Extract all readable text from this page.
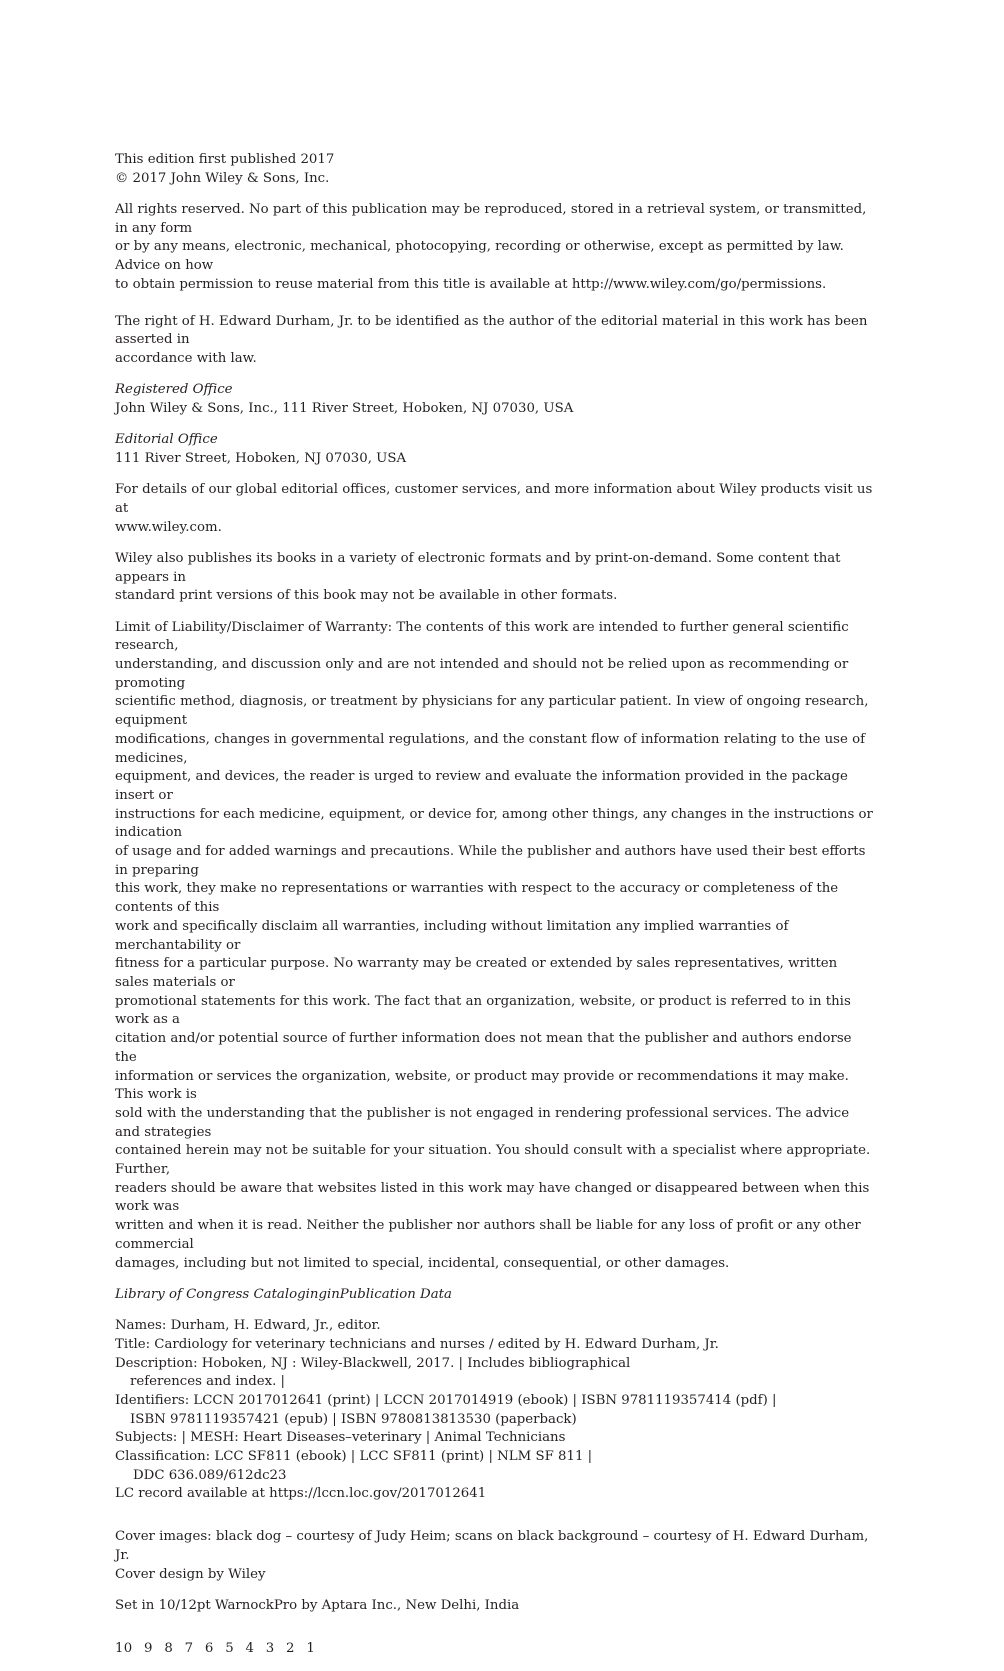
This edition first published 2017

© 2017 John Wiley & Sons, Inc.

All rights reserved. No part of this publication may be reproduced, stored in a retrieval system, or transmitted, in any form

or by any means, electronic, mechanical, photocopying, recording or otherwise, except as permitted by law. Advice on how

to obtain permission to reuse material from this title is available at http://www.wiley.com/go/permissions.

The right of H. Edward Durham, Jr. to be identified as the author of the editorial material in this work has been asserted in

accordance with law.

Registered Office

John Wiley & Sons, Inc., 111 River Street, Hoboken, NJ 07030, USA

Editorial Office

111 River Street, Hoboken, NJ 07030, USA

For details of our global editorial offices, customer services, and more information about Wiley products visit us at

www.wiley.com.

Wiley also publishes its books in a variety of electronic formats and by print-on-demand. Some content that appears in

standard print versions of this book may not be available in other formats.

Limit of Liability/Disclaimer of Warranty: The contents of this work are intended to further general scientific research,

understanding, and discussion only and are not intended and should not be relied upon as recommending or promoting

scientific method, diagnosis, or treatment by physicians for any particular patient. In view of ongoing research, equipment

modifications, changes in governmental regulations, and the constant flow of information relating to the use of medicines,

equipment, and devices, the reader is urged to review and evaluate the information provided in the package insert or

instructions for each medicine, equipment, or device for, among other things, any changes in the instructions or indication

of usage and for added warnings and precautions. While the publisher and authors have used their best efforts in preparing

this work, they make no representations or warranties with respect to the accuracy or completeness of the contents of this

work and specifically disclaim all warranties, including without limitation any implied warranties of merchantability or

fitness for a particular purpose. No warranty may be created or extended by sales representatives, written sales materials or

promotional statements for this work. The fact that an organization, website, or product is referred to in this work as a

citation and/or potential source of further information does not mean that the publisher and authors endorse the

information or services the organization, website, or product may provide or recommendations it may make. This work is

sold with the understanding that the publisher is not engaged in rendering professional services. The advice and strategies

contained herein may not be suitable for your situation. You should consult with a specialist where appropriate. Further,

readers should be aware that websites listed in this work may have changed or disappeared between when this work was

written and when it is read. Neither the publisher nor authors shall be liable for any loss of profit or any other commercial

damages, including but not limited to special, incidental, consequential, or other damages.

Library of Congress CataloginginPublication Data

Names: Durham, H. Edward, Jr., editor.

Title: Cardiology for veterinary technicians and nurses / edited by H. Edward Durham, Jr.

Description: Hoboken, NJ : Wiley-Blackwell, 2017. | Includes bibliographical

references and index. |

Identifiers: LCCN 2017012641 (print) | LCCN 2017014919 (ebook) | ISBN 9781119357414 (pdf) |

ISBN 9781119357421 (epub) | ISBN 9780813813530 (paperback)

Subjects: | MESH: Heart Diseases–veterinary | Animal Technicians

Classification: LCC SF811 (ebook) | LCC SF811 (print) | NLM SF 811 |

DDC 636.089/612dc23

LC record available at https://lccn.loc.gov/2017012641

Cover images: black dog – courtesy of Judy Heim; scans on black background – courtesy of H. Edward Durham, Jr.

Cover design by Wiley

Set in 10/12pt WarnockPro by Aptara Inc., New Delhi, India

10 9 8 7 6 5 4 3 2 1
